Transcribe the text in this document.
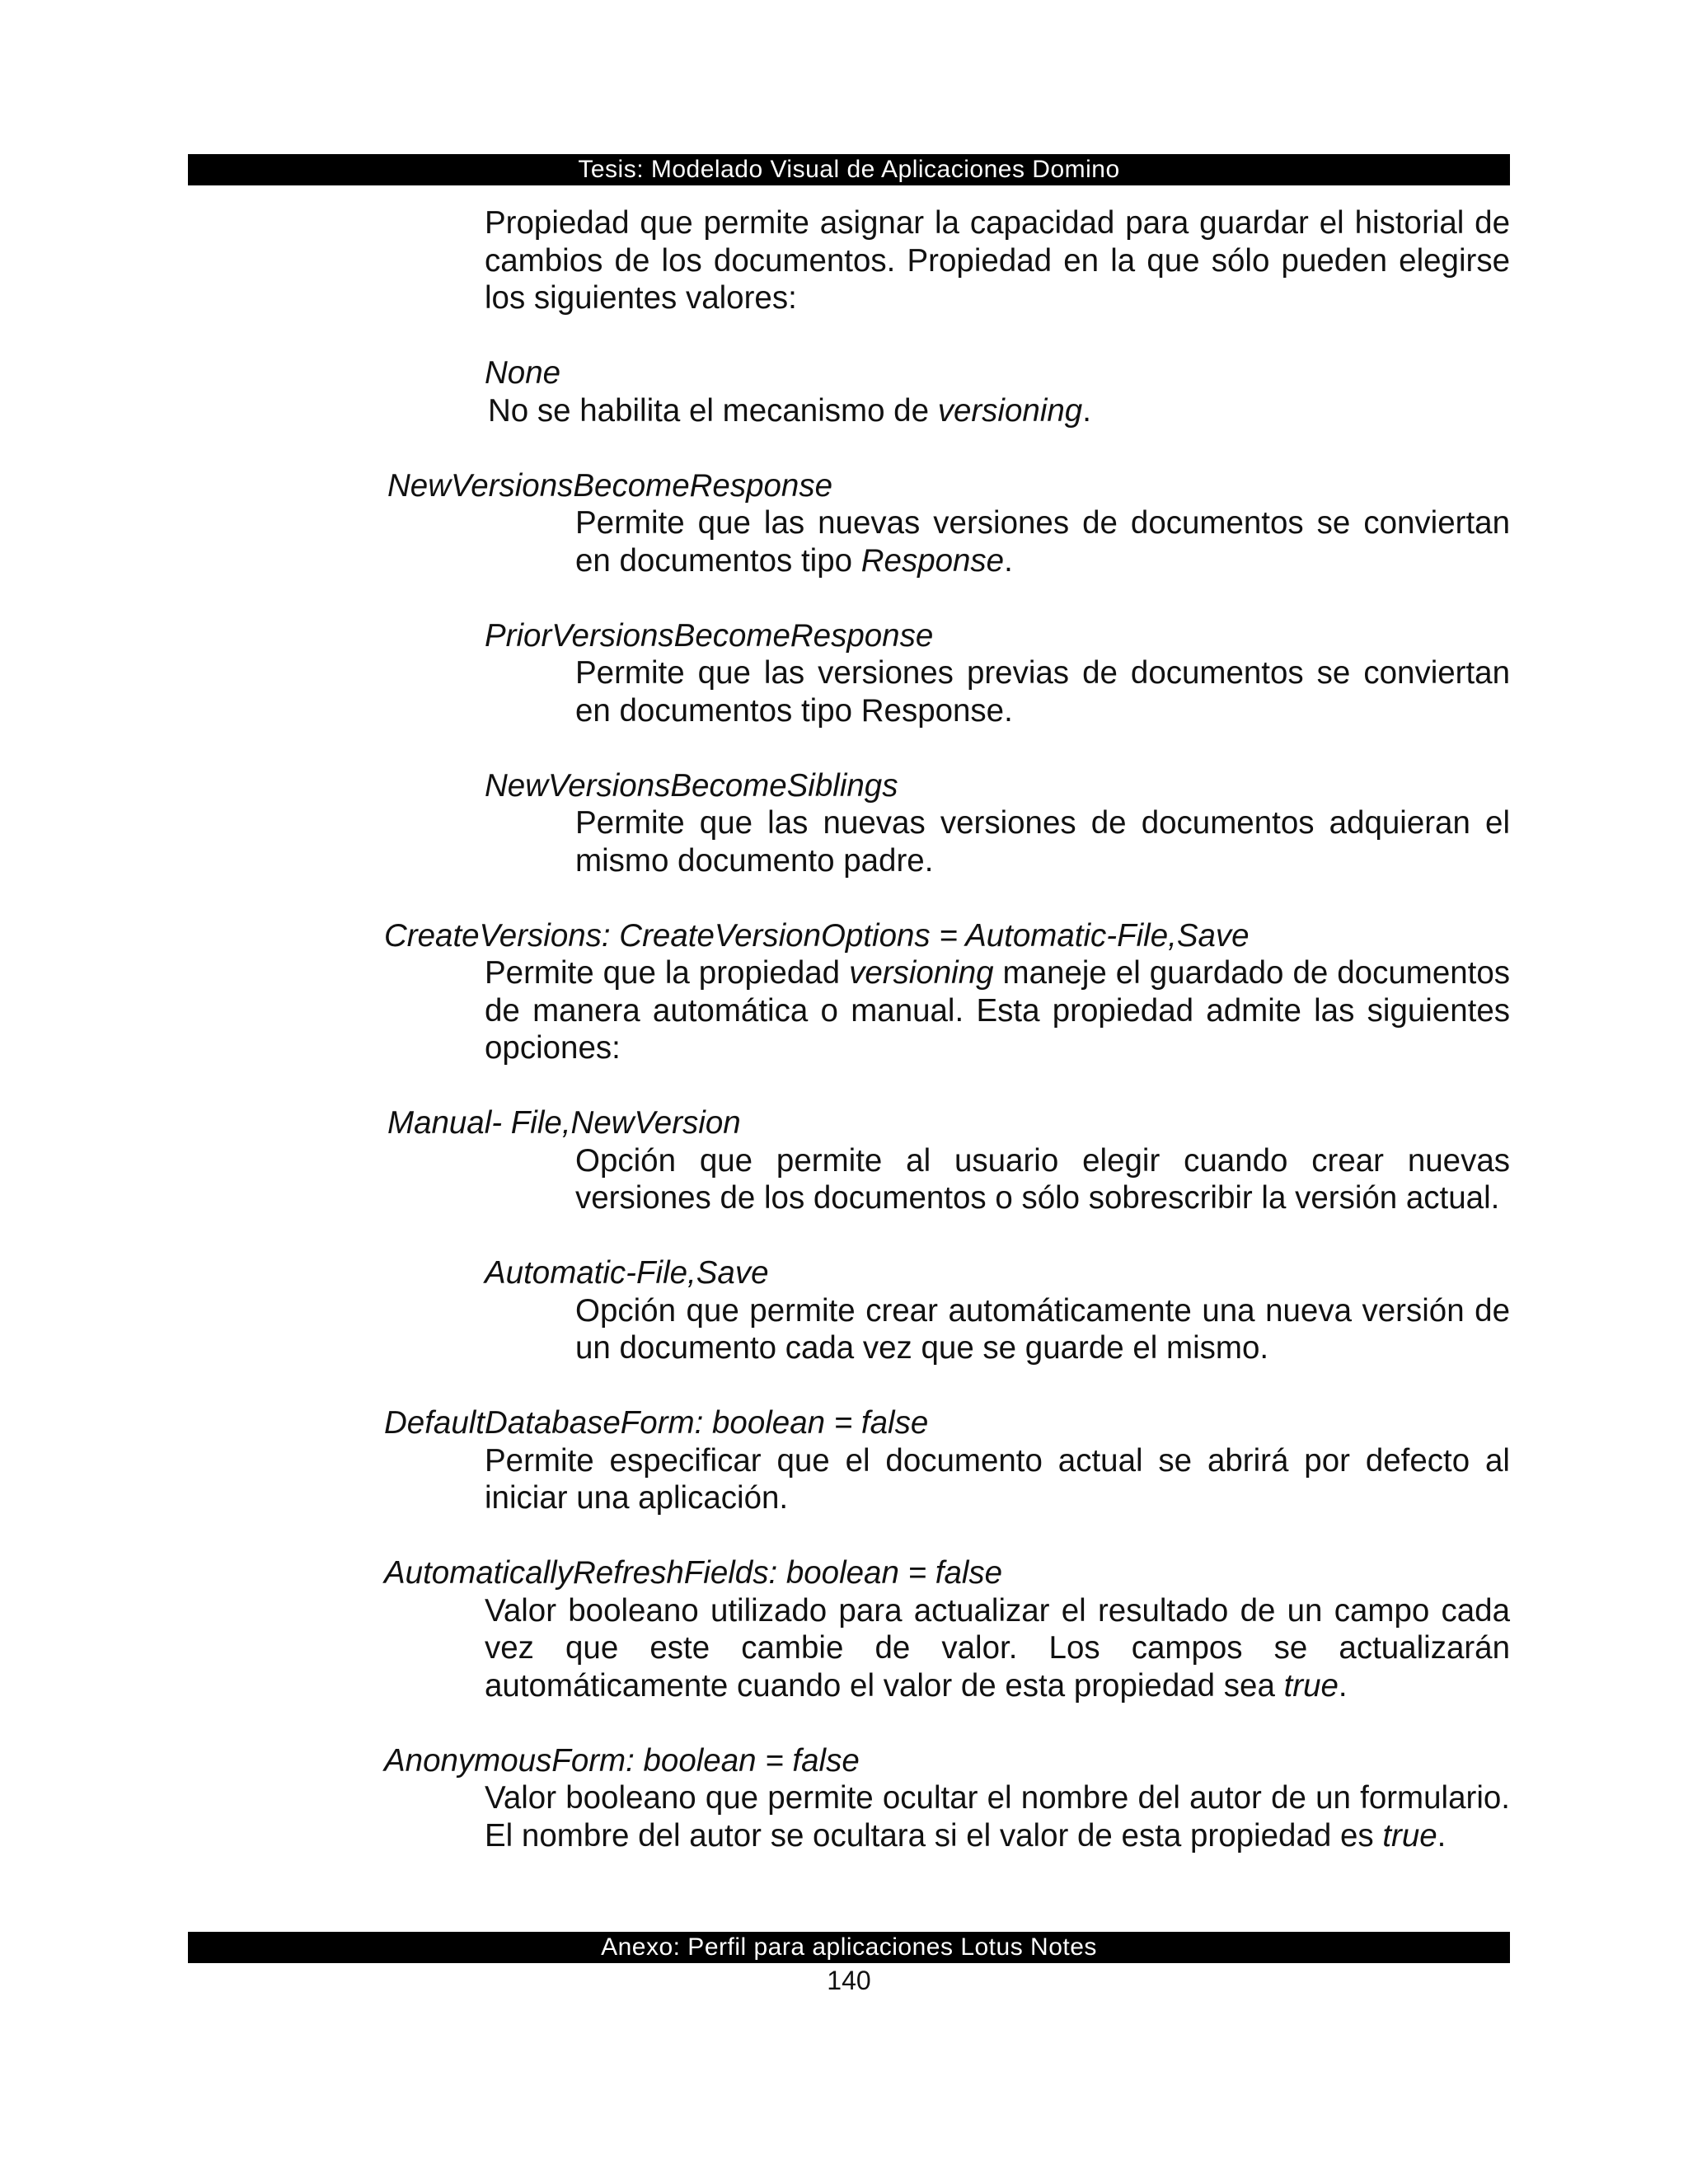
Tesis: Modelado Visual de Aplicaciones Domino

Propiedad que permite asignar la capacidad para guardar el historial de cambios de los documentos. Propiedad en la que sólo pueden elegirse los siguientes valores:

None

No se habilita el mecanismo de versioning.

NewVersionsBecomeResponse

Permite que las nuevas versiones de documentos se conviertan en documentos tipo Response.

PriorVersionsBecomeResponse

Permite que las versiones previas de documentos se conviertan en documentos tipo Response.

NewVersionsBecomeSiblings

Permite que las nuevas versiones de documentos adquieran el mismo documento padre.

CreateVersions: CreateVersionOptions = Automatic-File,Save

Permite que la propiedad versioning maneje el guardado de documentos de manera automática o manual. Esta propiedad admite las siguientes opciones:

Manual- File,NewVersion

Opción que permite al usuario elegir cuando crear nuevas versiones de los documentos o sólo sobrescribir la versión actual.

Automatic-File,Save

Opción que permite crear automáticamente una nueva versión de un documento cada vez que se guarde el mismo.

DefaultDatabaseForm: boolean = false

Permite especificar que el documento actual se abrirá por defecto al iniciar una aplicación.

AutomaticallyRefreshFields: boolean = false

Valor booleano utilizado para actualizar el resultado de un campo cada vez que este cambie de valor. Los campos se actualizarán automáticamente cuando el valor de esta propiedad sea true.

AnonymousForm: boolean = false

Valor booleano que permite ocultar el nombre del autor de un formulario. El nombre del autor se ocultara si el valor de esta propiedad es true.

Anexo: Perfil para aplicaciones Lotus Notes
140
